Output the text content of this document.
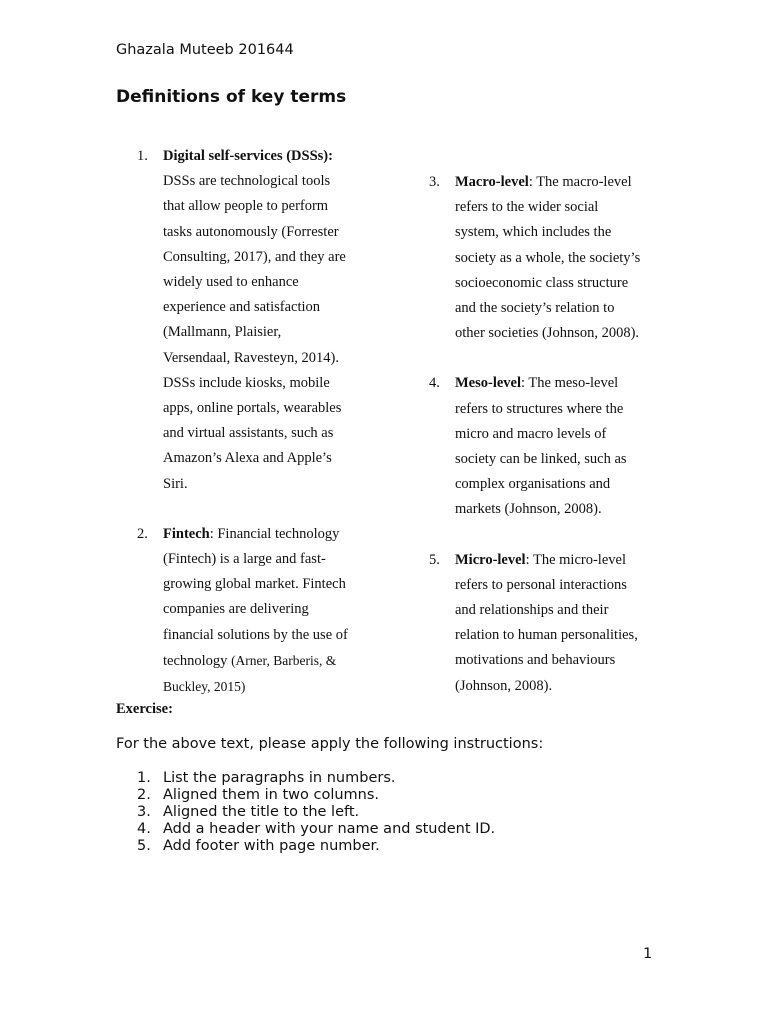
Ghazala Muteeb 201644
Definitions of key terms
1. Digital self-services (DSSs):
DSSs are technological tools
that allow people to perform
tasks autonomously (Forrester
Consulting, 2017), and they are
widely used to enhance
experience and satisfaction
(Mallmann, Plaisier,
Versendaal, Ravesteyn, 2014).
DSSs include kiosks, mobile
apps, online portals, wearables
and virtual assistants, such as
Amazon’s Alexa and Apple’s
Siri.
2. Fintech: Financial technology
(Fintech) is a large and fast-
growing global market. Fintech
companies are delivering
financial solutions by the use of
technology (Arner, Barberis, &
Buckley, 2015)
3. Macro-level: The macro-level
refers to the wider social
system, which includes the
society as a whole, the society’s
socioeconomic class structure
and the society’s relation to
other societies (Johnson, 2008).
4. Meso-level: The meso-level
refers to structures where the
micro and macro levels of
society can be linked, such as
complex organisations and
markets (Johnson, 2008).
5. Micro-level: The micro-level
refers to personal interactions
and relationships and their
relation to human personalities,
motivations and behaviours
(Johnson, 2008).
Exercise:
For the above text, please apply the following instructions:
1. List the paragraphs in numbers.
2. Aligned them in two columns.
3. Aligned the title to the left.
4. Add a header with your name and student ID.
5. Add footer with page number.
1
